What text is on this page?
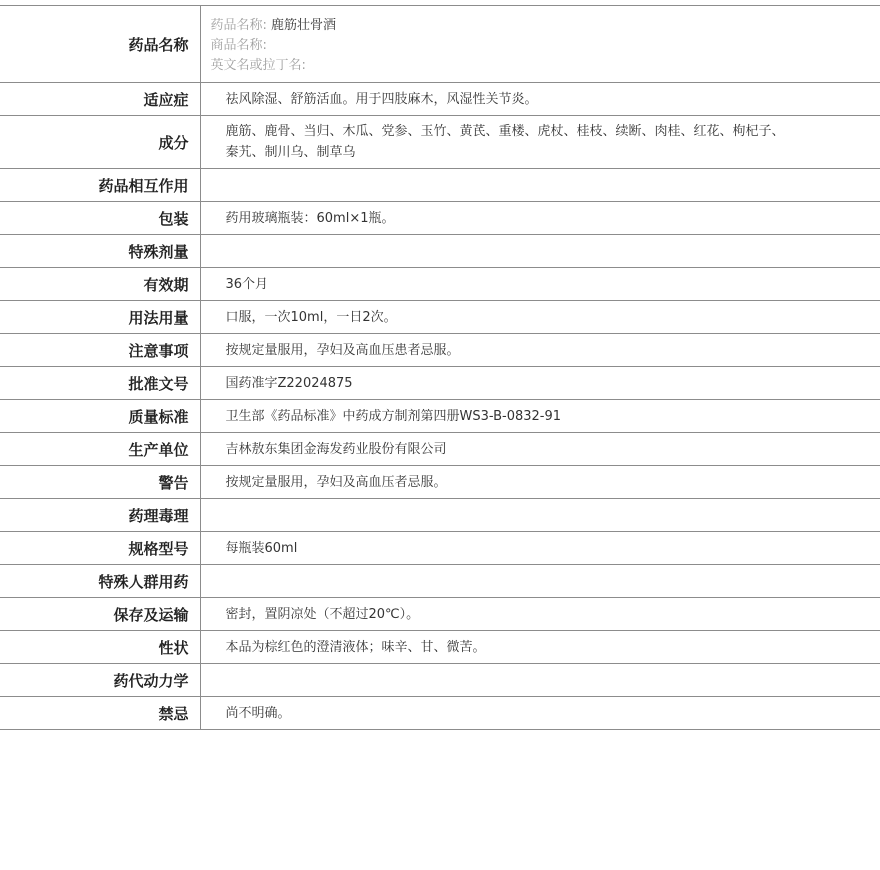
药品名称	药品名称: 鹿筋壮骨酒
商品名称:
英文名或拉丁名:

适应症	祛风除湿、舒筋活血。用于四肢麻木，风湿性关节炎。
成分	鹿筋、鹿骨、当归、木瓜、党参、玉竹、黄芪、重楼、虎杖、桂枝、续断、肉桂、红花、枸杞子、秦艽、制川乌、制草乌
药品相互作用	
包装	药用玻璃瓶装：60ml×1瓶。
特殊剂量	
有效期	36个月
用法用量	口服，一次10ml，一日2次。
注意事项	按规定量服用，孕妇及高血压患者忌服。
批准文号	国药准字Z22024875
质量标准	卫生部《药品标准》中药成方制剂第四册WS3-B-0832-91
生产单位	吉林敖东集团金海发药业股份有限公司
警告	按规定量服用，孕妇及高血压者忌服。
药理毒理	
规格型号	每瓶装60ml
特殊人群用药	
保存及运输	密封，置阴凉处（不超过20℃）。
性状	本品为棕红色的澄清液体；味辛、甘、微苦。
药代动力学	
禁忌	尚不明确。
